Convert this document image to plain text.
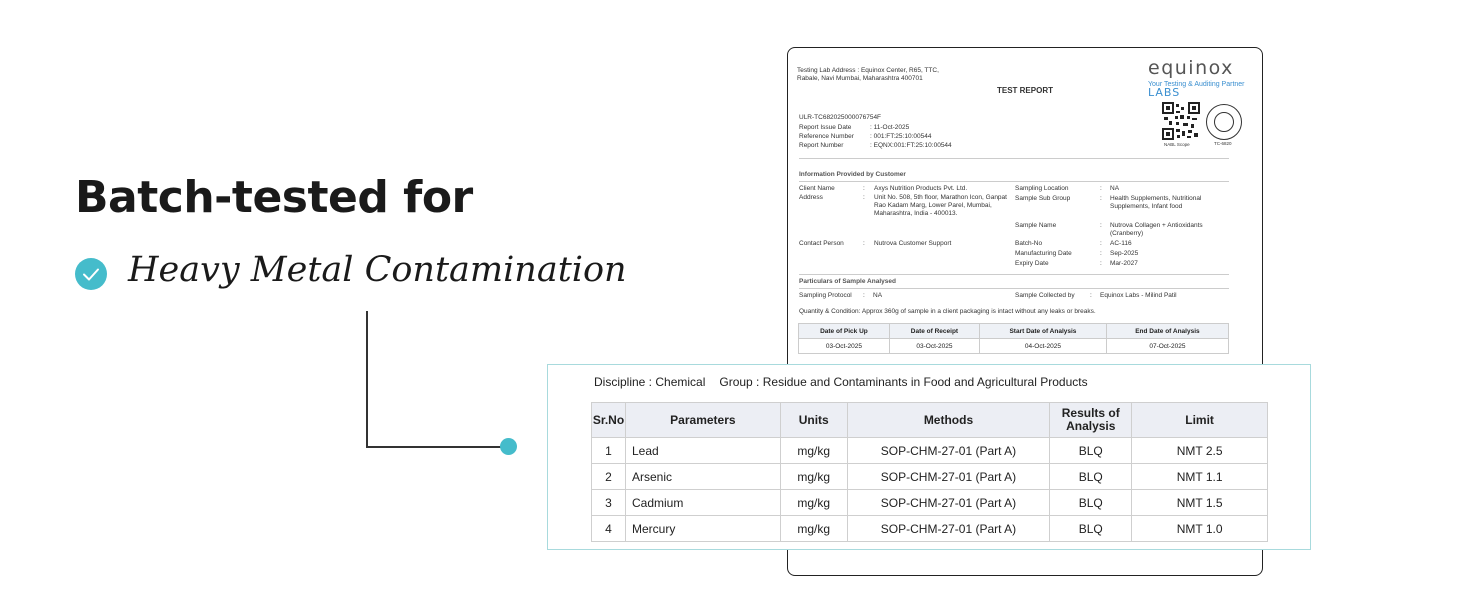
Batch-tested for
Heavy Metal Contamination
Testing Lab Address : Equinox Center, R65, TTC, Rabale, Navi Mumbai, Maharashtra 400701	equinox LABS
Your Testing & Auditing Partner
TEST REPORT
NABL Scope	TC-6820
ULR-TC682025000076754F
Report Issue Date	: 11-Oct-2025
Reference Number : 001:FT:25:10:00544
Report Number	: EQNX:001:FT:25:10:00544
Information Provided by Customer
Client Name	: Axys Nutrition Products Pvt. Ltd.
Address	: Unit No. 508, 5th floor, Marathon Icon, Ganpat Rao Kadam Marg, Lower Parel, Mumbai, Maharashtra, India - 400013.
Contact Person	: Nutrova Customer Support
Sampling Location	: NA
Sample Sub Group	: Health Supplements, Nutritional Supplements, Infant food
Sample Name	: Nutrova Collagen + Antioxidants (Cranberry)
Batch-No	: AC-116
Manufacturing Date	: Sep-2025
Expiry Date	: Mar-2027
Particulars of Sample Analysed
Sampling Protocol : NA	Sample Collected by : Equinox Labs - Milind Patil
Quantity & Condition: Approx 360g of sample in a client packaging is intact without any leaks or breaks.
Date of Pick Up	Date of Receipt	Start Date of Analysis	End Date of Analysis
03-Oct-2025	03-Oct-2025	04-Oct-2025	07-Oct-2025
Discipline : Chemical Group : Residue and Contaminants in Food and Agricultural Products
Sr.No	Parameters	Units	Methods	Results of Analysis	Limit
1	Lead	mg/kg	SOP-CHM-27-01 (Part A)	BLQ	NMT 2.5
2	Arsenic	mg/kg	SOP-CHM-27-01 (Part A)	BLQ	NMT 1.1
3	Cadmium	mg/kg	SOP-CHM-27-01 (Part A)	BLQ	NMT 1.5
4	Mercury	mg/kg	SOP-CHM-27-01 (Part A)	BLQ	NMT 1.0
